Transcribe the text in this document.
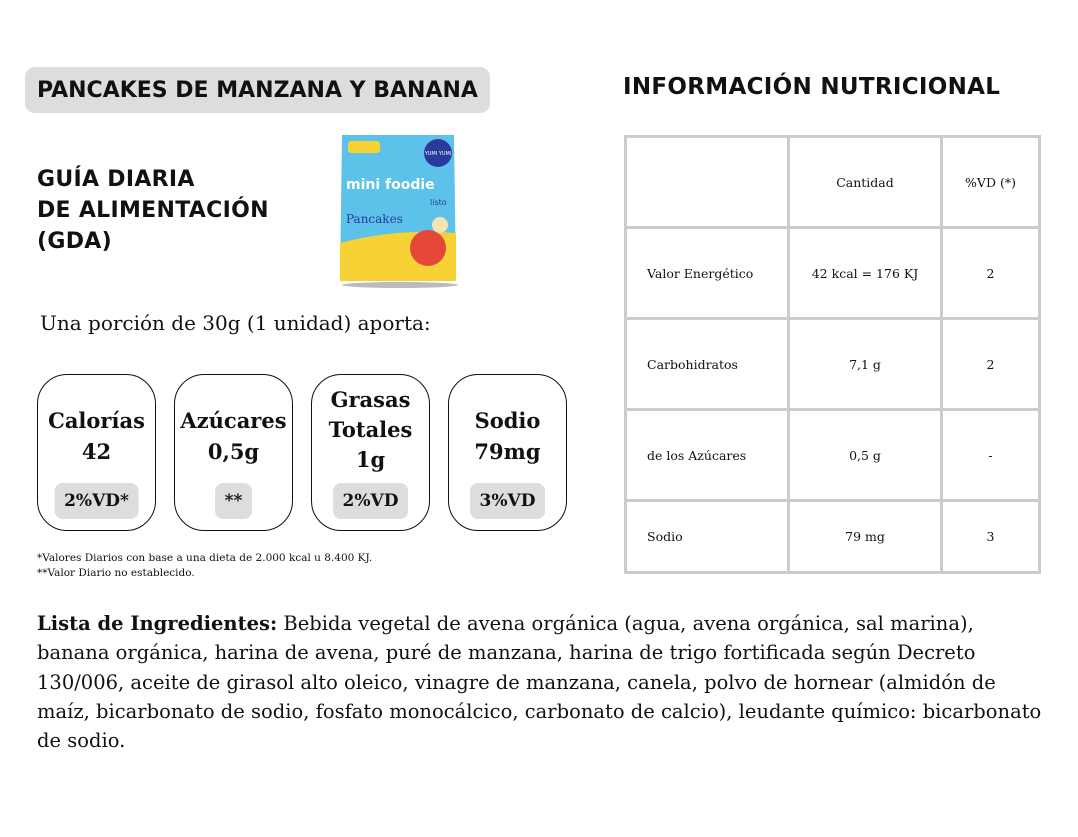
PANCAKES DE MANZANA Y BANANA
GUÍA DIARIA
DE ALIMENTACIÓN
(GDA)
YUMI YUMI
mini foodie
listo
Pancakes
Una porción de 30g (1 unidad) aporta:
Calorías
42
2%VD*
Azúcares
0,5g
**
Grasas
Totales
1g
2%VD
Sodio
79mg
3%VD
*Valores Diarios con base a una dieta de 2.000 kcal u 8.400 KJ.
**Valor Diario no establecido.
INFORMACIÓN NUTRICIONAL
	Cantidad	%VD (*)
Valor Energético	42 kcal = 176 KJ	2
Carbohidratos	7,1 g	2
de los Azúcares	0,5 g	-
Sodio	79 mg	3
Lista de Ingredientes: Bebida vegetal de avena orgánica (agua, avena orgánica, sal marina), banana orgánica, harina de avena, puré de manzana, harina de trigo fortificada según Decreto 130/006, aceite de girasol alto oleico, vinagre de manzana, canela, polvo de hornear (almidón de maíz, bicarbonato de sodio, fosfato monocálcico, carbonato de calcio), leudante químico: bicarbonato de sodio.
